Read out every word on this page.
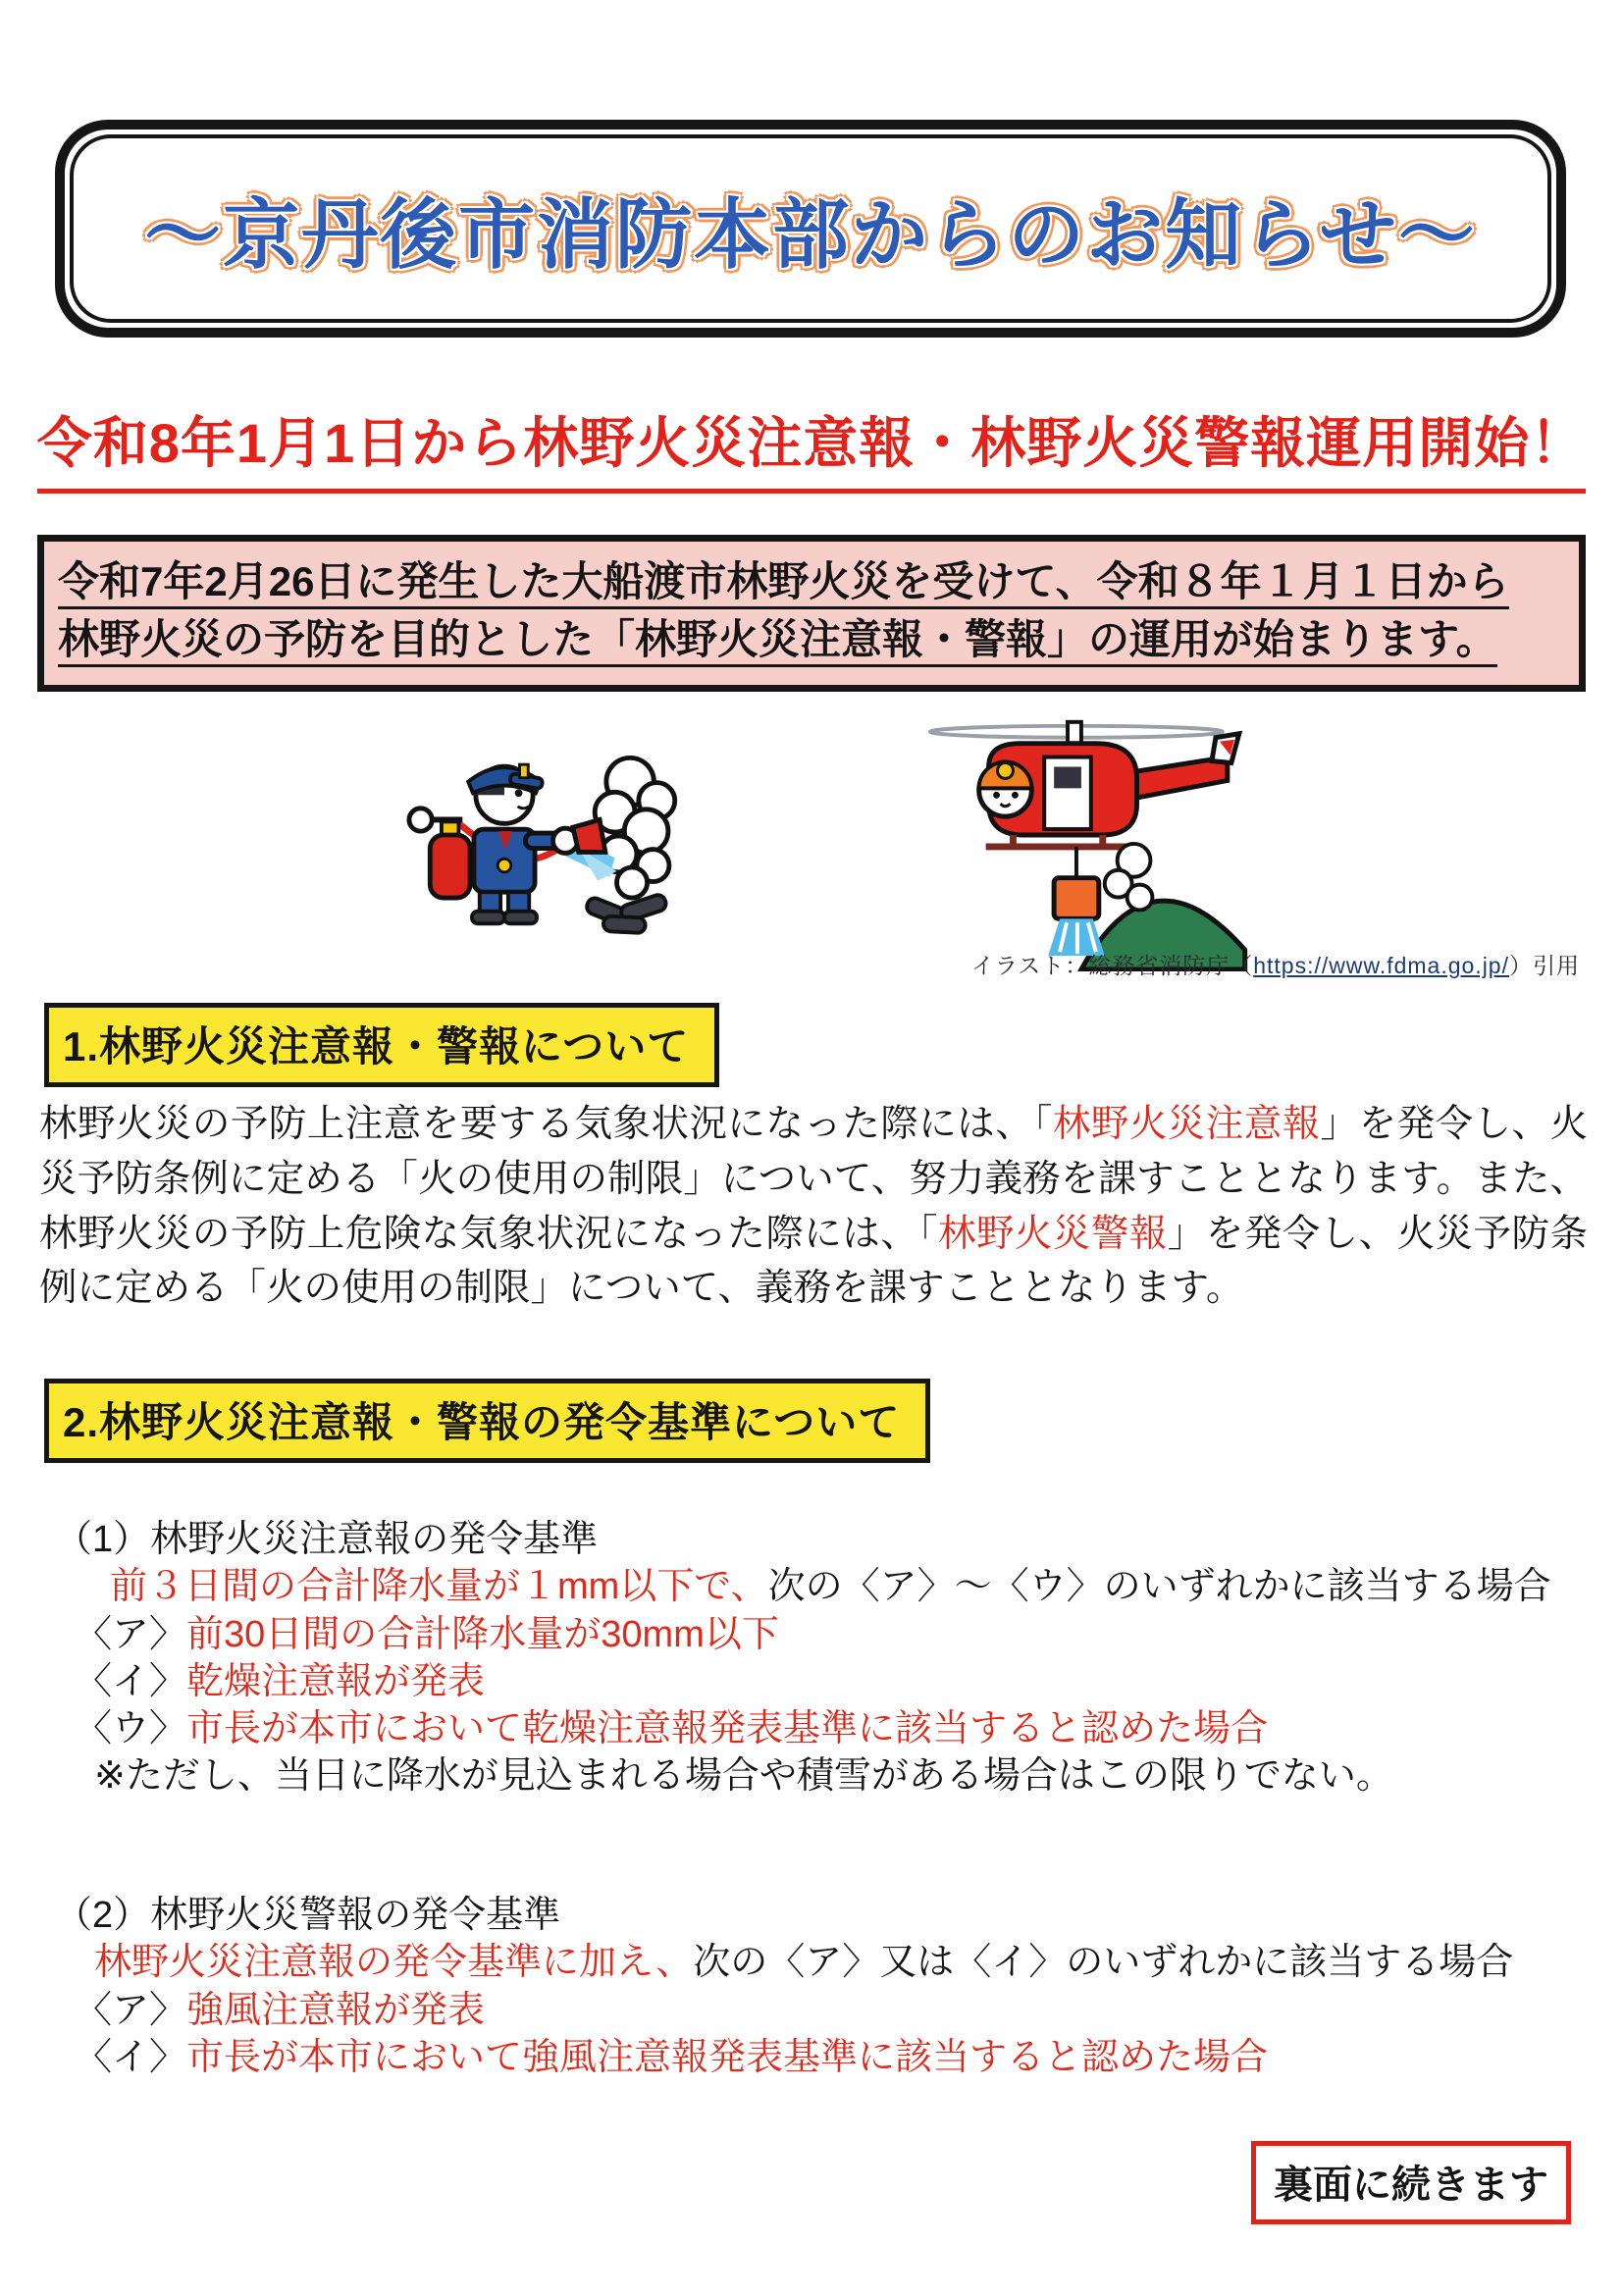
～京丹後市消防本部からのお知らせ～
令和8年1月1日から林野火災注意報・林野火災警報運用開始！

令和7年2月26日に発生した大船渡市林野火災を受けて、令和８年１月１日から

林野火災の予防を目的とした「林野火災注意報・警報」の運用が始まります。

イラスト：総務省消防庁（https://www.fdma.go.jp/）引用

1.林野火災注意報・警報について

林野火災の予防上注意を要する気象状況になった際には、「林野火災注意報」を発令し、火災予防条例に定める「火の使用の制限」について、努力義務を課すこととなります。また、林野火災の予防上危険な気象状況になった際には、「林野火災警報」を発令し、火災予防条例に定める「火の使用の制限」について、義務を課すこととなります。

2.林野火災注意報・警報の発令基準について

（1）林野火災注意報の発令基準

前３日間の合計降水量が１mm以下で、次の〈ア〉～〈ウ〉のいずれかに該当する場合

〈ア〉前30日間の合計降水量が30mm以下

〈イ〉乾燥注意報が発表

〈ウ〉市長が本市において乾燥注意報発表基準に該当すると認めた場合

※ただし、当日に降水が見込まれる場合や積雪がある場合はこの限りでない。

（2）林野火災警報の発令基準

林野火災注意報の発令基準に加え、次の〈ア〉又は〈イ〉のいずれかに該当する場合

〈ア〉強風注意報が発表

〈イ〉市長が本市において強風注意報発表基準に該当すると認めた場合

裏面に続きます
